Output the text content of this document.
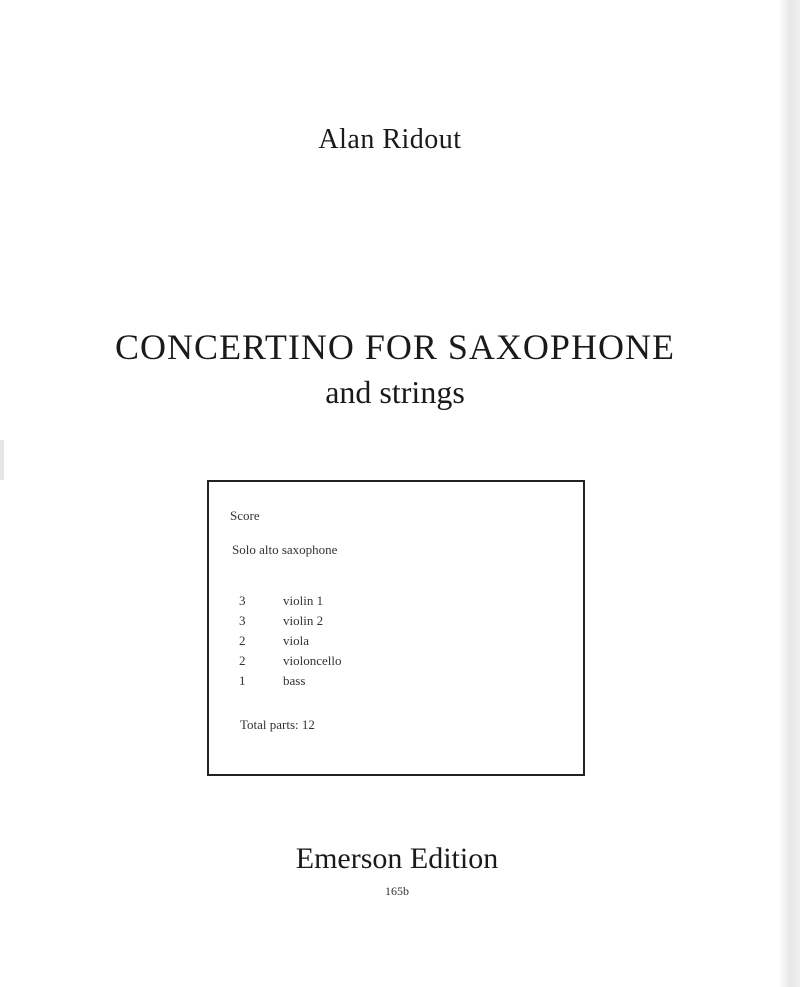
Alan Ridout
CONCERTINO FOR SAXOPHONE
and strings
Score
Solo alto saxophone
3	violin 1
3	violin 2
2	viola
2	violoncello
1	bass
Total parts: 12
Emerson Edition
165b
